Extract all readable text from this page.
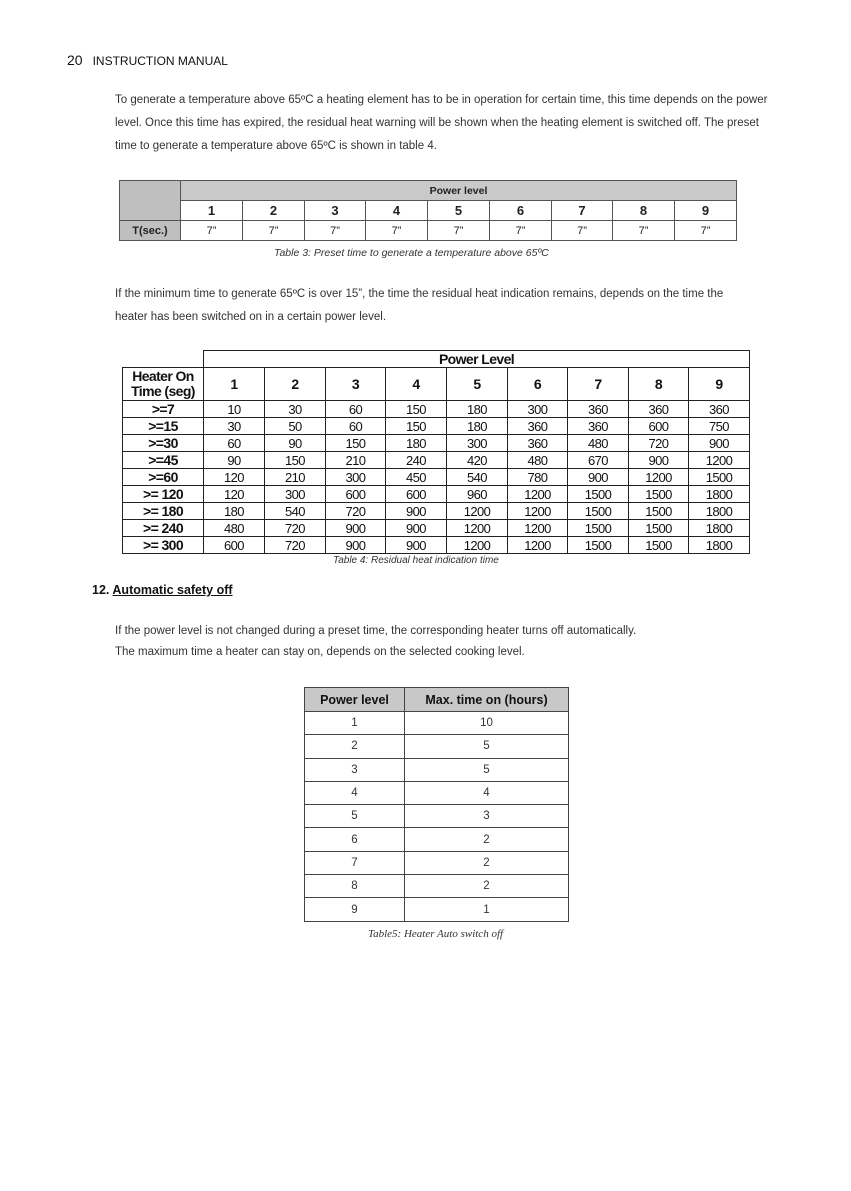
20 INSTRUCTION MANUAL

To generate a temperature above 65ºC a heating element has to be in operation for certain time, this time depends on the power level. Once this time has expired, the residual heat warning will be shown when the heating element is switched off. The preset time to generate a temperature above 65ºC is shown in table 4.

	Power level								
	1	2	3	4	5	6	7	8	9
T(sec.)	7”	7”	7”	7”	7”	7”	7”	7”	7”
Table 3: Preset time to generate a temperature above 65ºC

If the minimum time to generate 65ºC is over 15”, the time the residual heat indication remains, depends on the time the heater has been switched on in a certain power level.

	Power Level								
Heater On
Time (seg)	1	2	3	4	5	6	7	8	9
>=7	10	30	60	150	180	300	360	360	360
>=15	30	50	60	150	180	360	360	600	750
>=30	60	90	150	180	300	360	480	720	900
>=45	90	150	210	240	420	480	670	900	1200
>=60	120	210	300	450	540	780	900	1200	1500
>= 120	120	300	600	600	960	1200	1500	1500	1800
>= 180	180	540	720	900	1200	1200	1500	1500	1800
>= 240	480	720	900	900	1200	1200	1500	1500	1800
>= 300	600	720	900	900	1200	1200	1500	1500	1800
Table 4: Residual heat indication time
12. Automatic safety off

If the power level is not changed during a preset time, the corresponding heater turns off automatically.

The maximum time a heater can stay on, depends on the selected cooking level.

Power level	Max. time on (hours)
1	10
2	5
3	5
4	4
5	3
6	2
7	2
8	2
9	1
Table5: Heater Auto switch off
